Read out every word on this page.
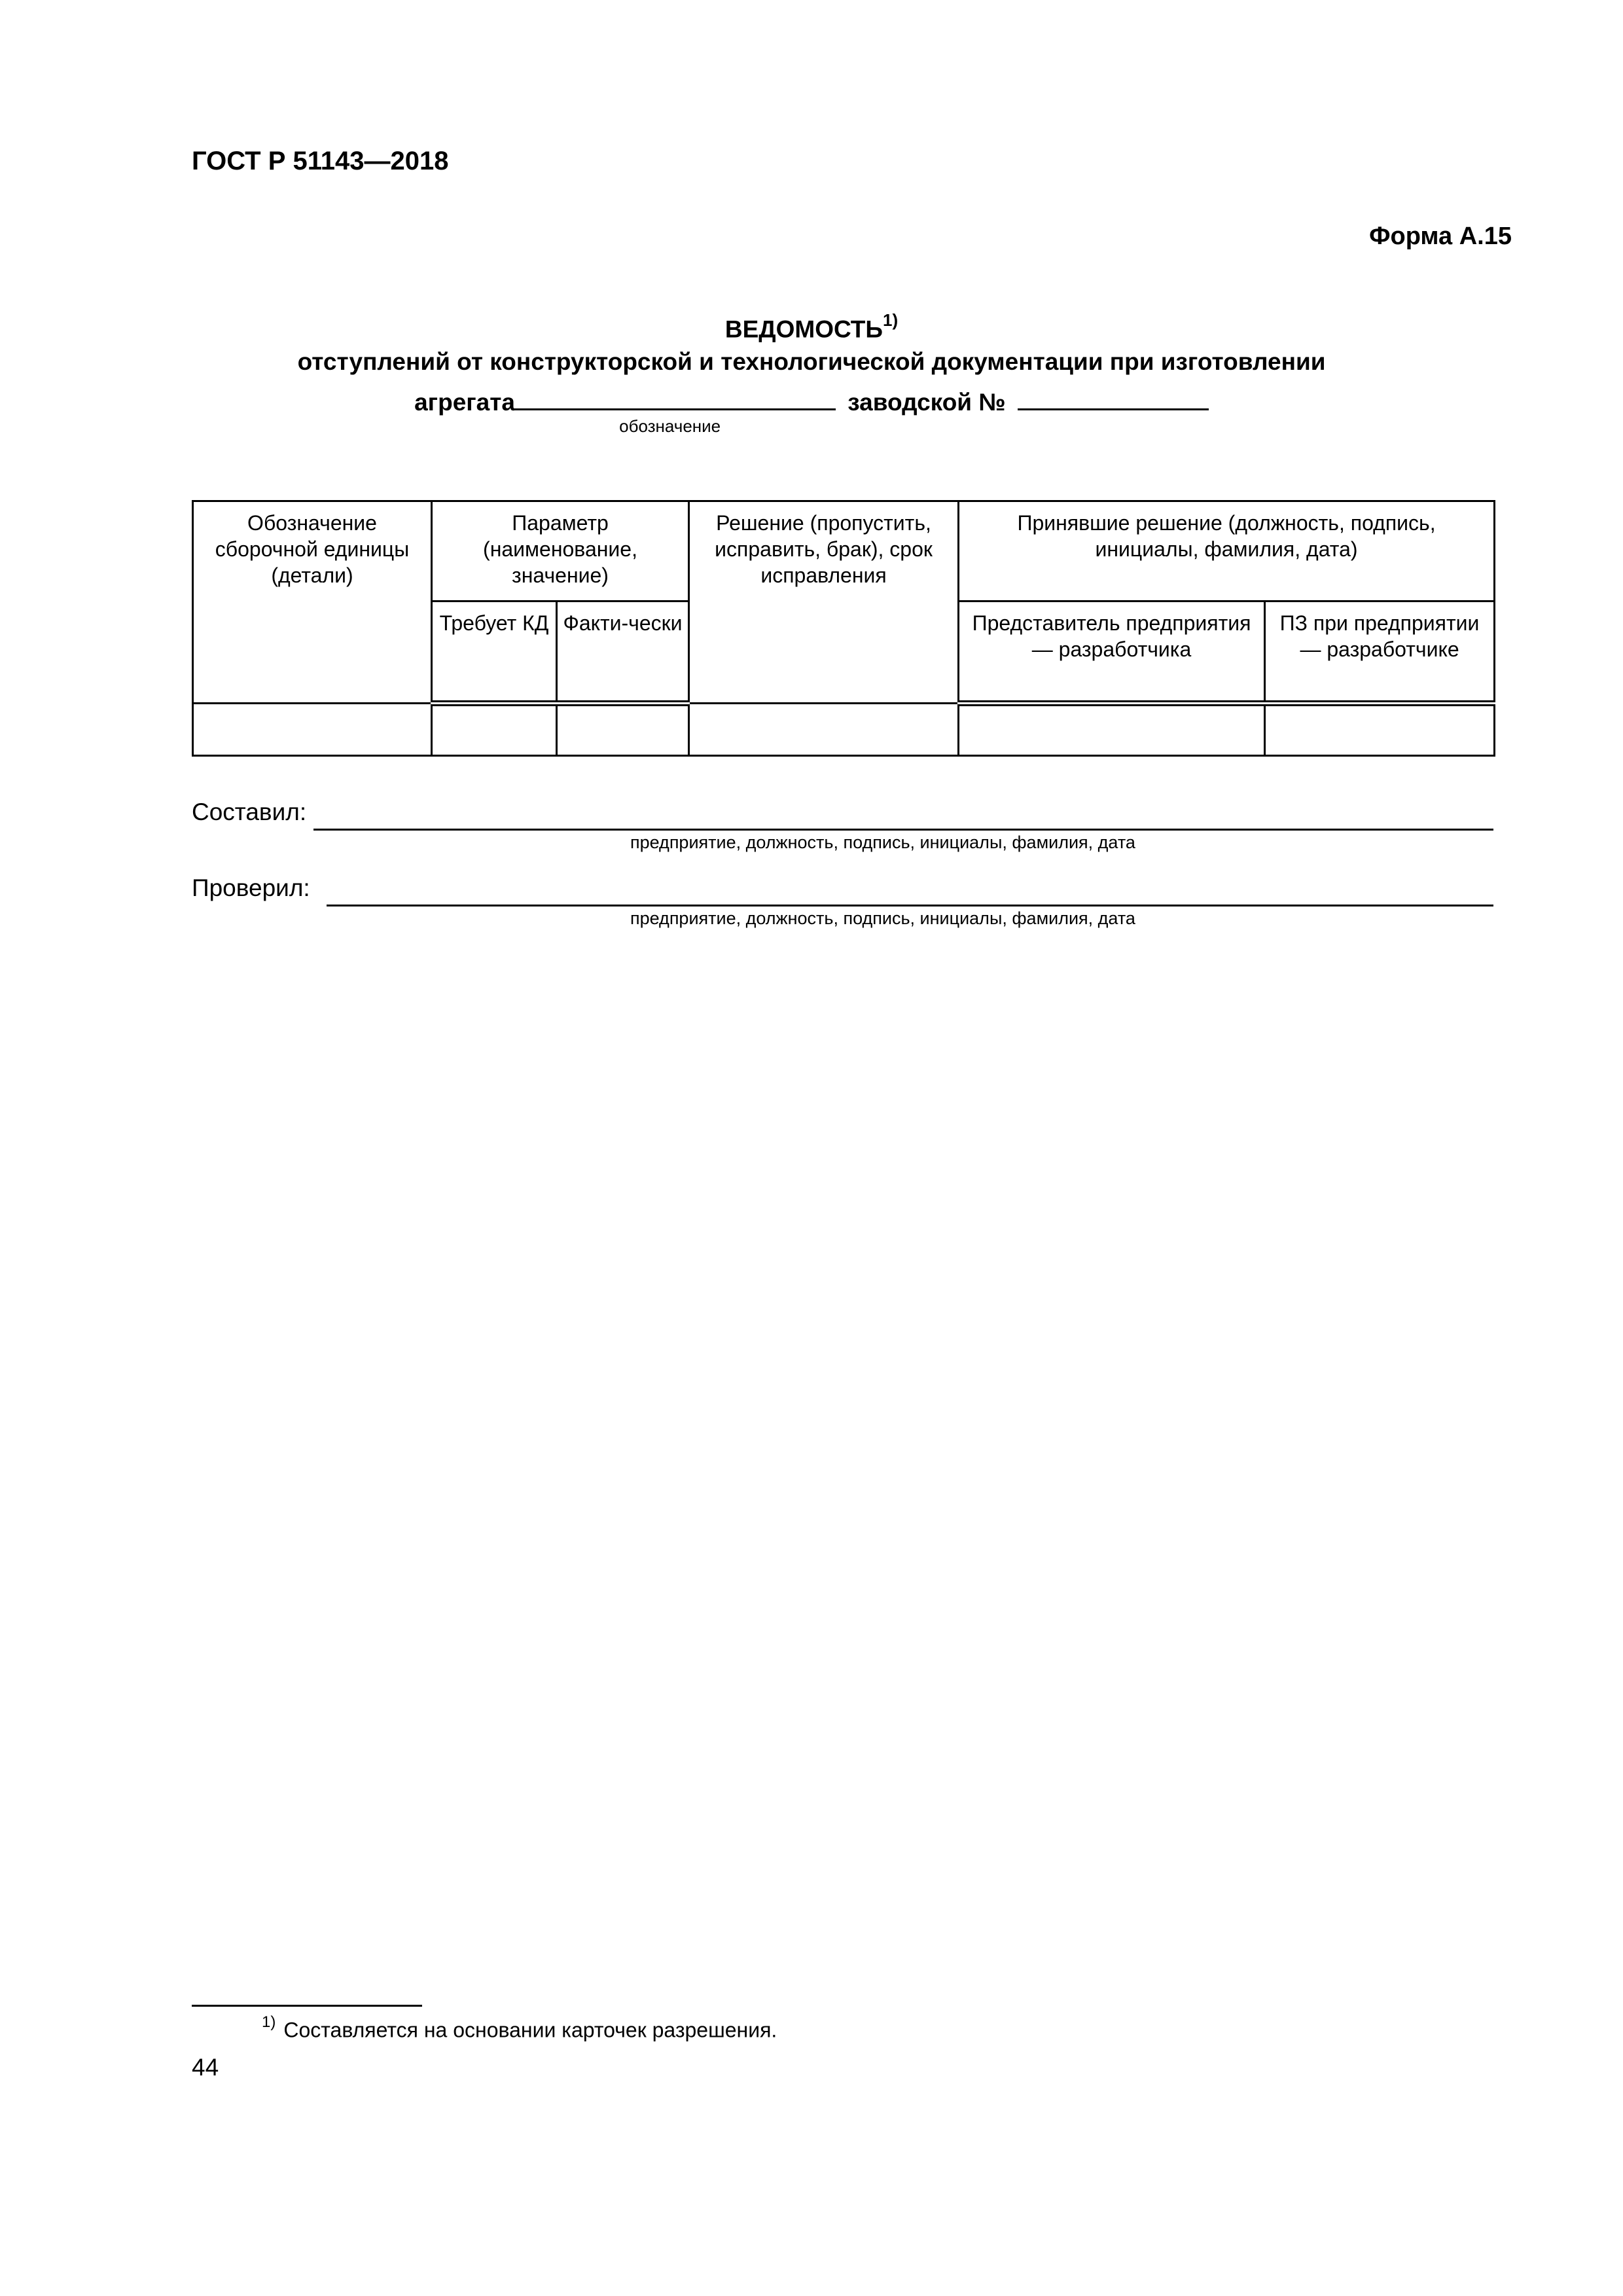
ГОСТ Р 51143—2018
Форма А.15
ВЕДОМОСТЬ$^{1)}$
отступлений от конструкторской и технологической документации при изготовлении
агрегата	заводской №
обозначение
Обозначение сборочной единицы (детали)	Параметр (наименование, значение)		Решение (пропустить, исправить, брак), срок исправления	Принявшие решение (должность, подпись, инициалы, фамилия, дата)	
	Требует КД	Факти-чески		Представитель предприятия — разработчика	ПЗ при предприятии — разработчике

Составил:
предприятие, должность, подпись, инициалы, фамилия, дата
Проверил:
предприятие, должность, подпись, инициалы, фамилия, дата
$^{1)}$ Составляется на основании карточек разрешения.
44
